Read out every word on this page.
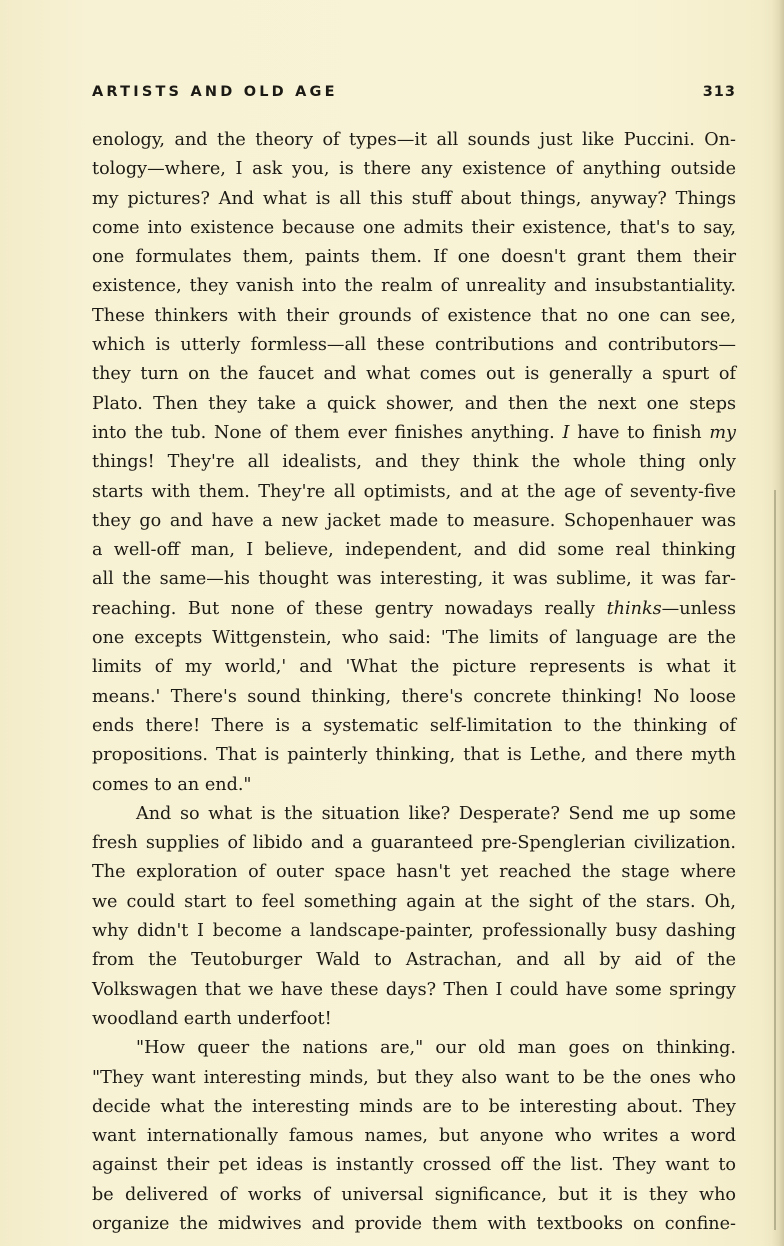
ARTISTS AND OLD AGE	313
enology, and the theory of types—it all sounds just like Puccini. On-
tology—where, I ask you, is there any existence of anything outside
my pictures? And what is all this stuff about things, anyway? Things
come into existence because one admits their existence, that's to say,
one formulates them, paints them. If one doesn't grant them their
existence, they vanish into the realm of unreality and insubstantiality.
These thinkers with their grounds of existence that no one can see,
which is utterly formless—all these contributions and contributors—
they turn on the faucet and what comes out is generally a spurt of
Plato. Then they take a quick shower, and then the next one steps
into the tub. None of them ever finishes anything. I have to finish my
things! They're all idealists, and they think the whole thing only
starts with them. They're all optimists, and at the age of seventy-five
they go and have a new jacket made to measure. Schopenhauer was
a well-off man, I believe, independent, and did some real thinking
all the same—his thought was interesting, it was sublime, it was far-
reaching. But none of these gentry nowadays really thinks—unless
one excepts Wittgenstein, who said: 'The limits of language are the
limits of my world,' and 'What the picture represents is what it
means.' There's sound thinking, there's concrete thinking! No loose
ends there! There is a systematic self-limitation to the thinking of
propositions. That is painterly thinking, that is Lethe, and there myth
comes to an end."
And so what is the situation like? Desperate? Send me up some
fresh supplies of libido and a guaranteed pre-Spenglerian civilization.
The exploration of outer space hasn't yet reached the stage where
we could start to feel something again at the sight of the stars. Oh,
why didn't I become a landscape-painter, professionally busy dashing
from the Teutoburger Wald to Astrachan, and all by aid of the
Volkswagen that we have these days? Then I could have some springy
woodland earth underfoot!
"How queer the nations are," our old man goes on thinking.
"They want interesting minds, but they also want to be the ones who
decide what the interesting minds are to be interesting about. They
want internationally famous names, but anyone who writes a word
against their pet ideas is instantly crossed off the list. They want to
be delivered of works of universal significance, but it is they who
organize the midwives and provide them with textbooks on confine-
